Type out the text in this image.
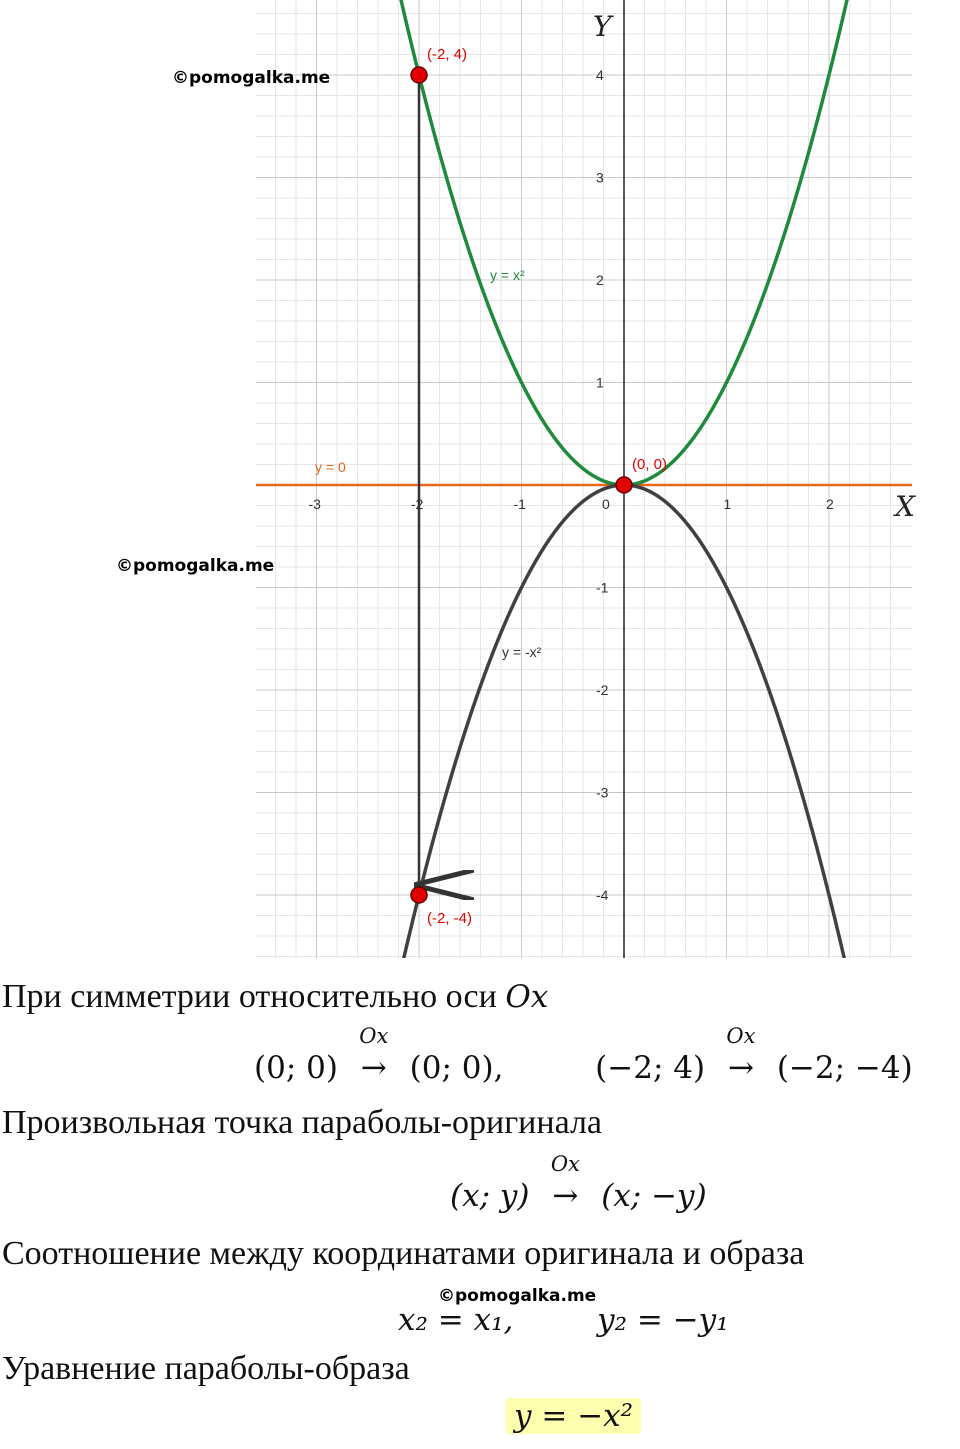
-3	-2	-1	0	1	2
-4
-3
-2
-1
1
2
3
4
X
Y
y = x²
y = -x²
y = 0
(-2, 4)
(0, 0)
(-2, -4)
©pomogalka.me
©pomogalka.me
При симметрии относительно оси Ox
(0; 0)
Ox
→ (0; 0),	(−2; 4)
Ox
→ (−2; −4)
Произвольная точка параболы-оригинала
(x; y)
Ox
→ (x; −y)
Соотношение между координатами оригинала и образа
©pomogalka.me
x₂ = x₁,	y₂ = −y₁
Уравнение параболы-образа
y = −x²
